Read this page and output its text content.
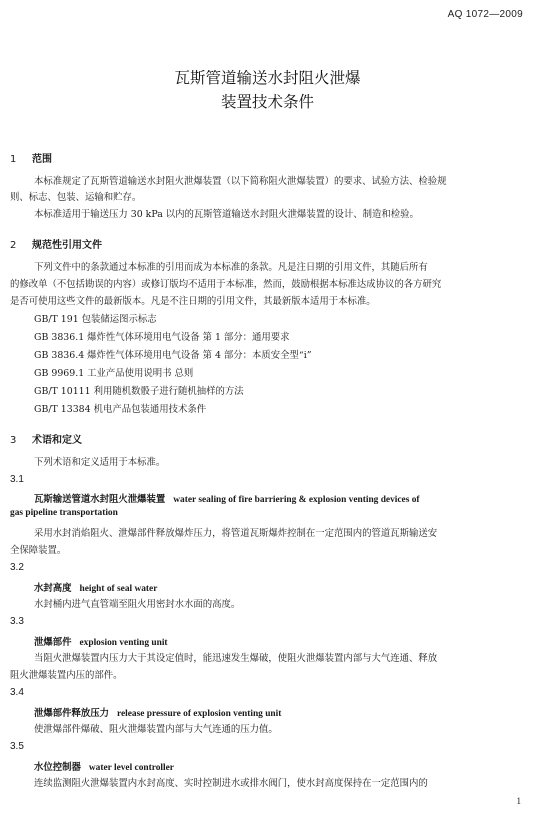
AQ 1072—2009
瓦斯管道输送水封阻火泄爆
装置技术条件
1 范围
本标准规定了瓦斯管道输送水封阻火泄爆装置（以下简称阻火泄爆装置）的要求、试验方法、检验规
则、标志、包装、运输和贮存。
本标准适用于输送压力 30 kPa 以内的瓦斯管道输送水封阻火泄爆装置的设计、制造和检验。
2 规范性引用文件
下列文件中的条款通过本标准的引用而成为本标准的条款。凡是注日期的引用文件，其随后所有
的修改单（不包括勘误的内容）或修订版均不适用于本标准，然而，鼓励根据本标准达成协议的各方研究
是否可使用这些文件的最新版本。凡是不注日期的引用文件，其最新版本适用于本标准。
GB/T 191 包装储运图示标志
GB 3836.1 爆炸性气体环境用电气设备 第 1 部分：通用要求
GB 3836.4 爆炸性气体环境用电气设备 第 4 部分：本质安全型“i”
GB 9969.1 工业产品使用说明书 总则
GB/T 10111 利用随机数骰子进行随机抽样的方法
GB/T 13384 机电产品包装通用技术条件
3 术语和定义
下列术语和定义适用于本标准。
3.1
瓦斯输送管道水封阻火泄爆装置 water sealing of fire barriering & explosion venting devices of
gas pipeline transportation
采用水封消焰阻火、泄爆部件释放爆炸压力，将管道瓦斯爆炸控制在一定范围内的管道瓦斯输送安
全保障装置。
3.2
水封高度 height of seal water
水封桶内进气直管端至阻火用密封水水面的高度。
3.3
泄爆部件 explosion venting unit
当阻火泄爆装置内压力大于其设定值时，能迅速发生爆破，使阻火泄爆装置内部与大气连通、释放
阻火泄爆装置内压的部件。
3.4
泄爆部件释放压力 release pressure of explosion venting unit
使泄爆部件爆破、阻火泄爆装置内部与大气连通的压力值。
3.5
水位控制器 water level controller
连续监测阻火泄爆装置内水封高度、实时控制进水或排水阀门，使水封高度保持在一定范围内的
1
